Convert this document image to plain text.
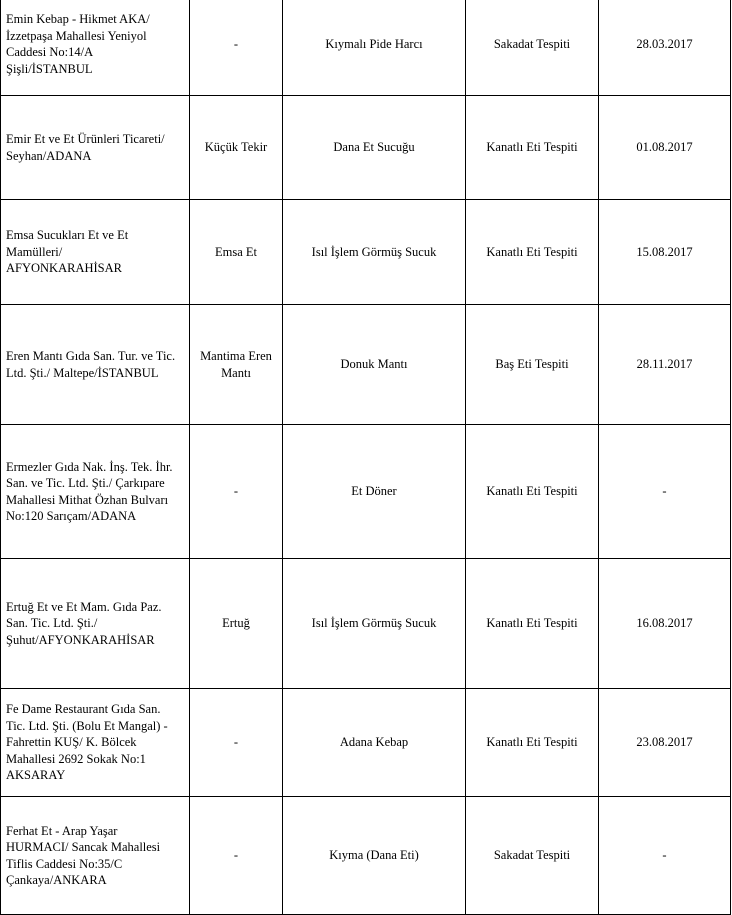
Emin Kebap - Hikmet AKA/
İzzetpaşa Mahallesi Yeniyol
Caddesi No:14/A
Şişli/İSTANBUL	-	Kıymalı Pide Harcı	Sakadat Tespiti	28.03.2017

Emir Et ve Et Ürünleri Ticareti/
Seyhan/ADANA	Küçük Tekir	Dana Et Sucuğu	Kanatlı Eti Tespiti	01.08.2017

Emsa Sucukları Et ve Et
Mamülleri/
AFYONKARAHİSAR	Emsa Et	Isıl İşlem Görmüş Sucuk	Kanatlı Eti Tespiti	15.08.2017

Eren Mantı Gıda San. Tur. ve Tic.
Ltd. Şti./ Maltepe/İSTANBUL	Mantima Eren
Mantı	Donuk Mantı	Baş Eti Tespiti	28.11.2017

Ermezler Gıda Nak. İnş. Tek. İhr.
San. ve Tic. Ltd. Şti./ Çarkıpare
Mahallesi Mithat Özhan Bulvarı
No:120 Sarıçam/ADANA	-	Et Döner	Kanatlı Eti Tespiti	-

Ertuğ Et ve Et Mam. Gıda Paz.
San. Tic. Ltd. Şti./
Şuhut/AFYONKARAHİSAR	Ertuğ	Isıl İşlem Görmüş Sucuk	Kanatlı Eti Tespiti	16.08.2017

Fe Dame Restaurant Gıda San.
Tic. Ltd. Şti. (Bolu Et Mangal) -
Fahrettin KUŞ/ K. Bölcek
Mahallesi 2692 Sokak No:1
AKSARAY	-	Adana Kebap	Kanatlı Eti Tespiti	23.08.2017

Ferhat Et - Arap Yaşar
HURMACI/ Sancak Mahallesi
Tiflis Caddesi No:35/C
Çankaya/ANKARA	-	Kıyma (Dana Eti)	Sakadat Tespiti	-
